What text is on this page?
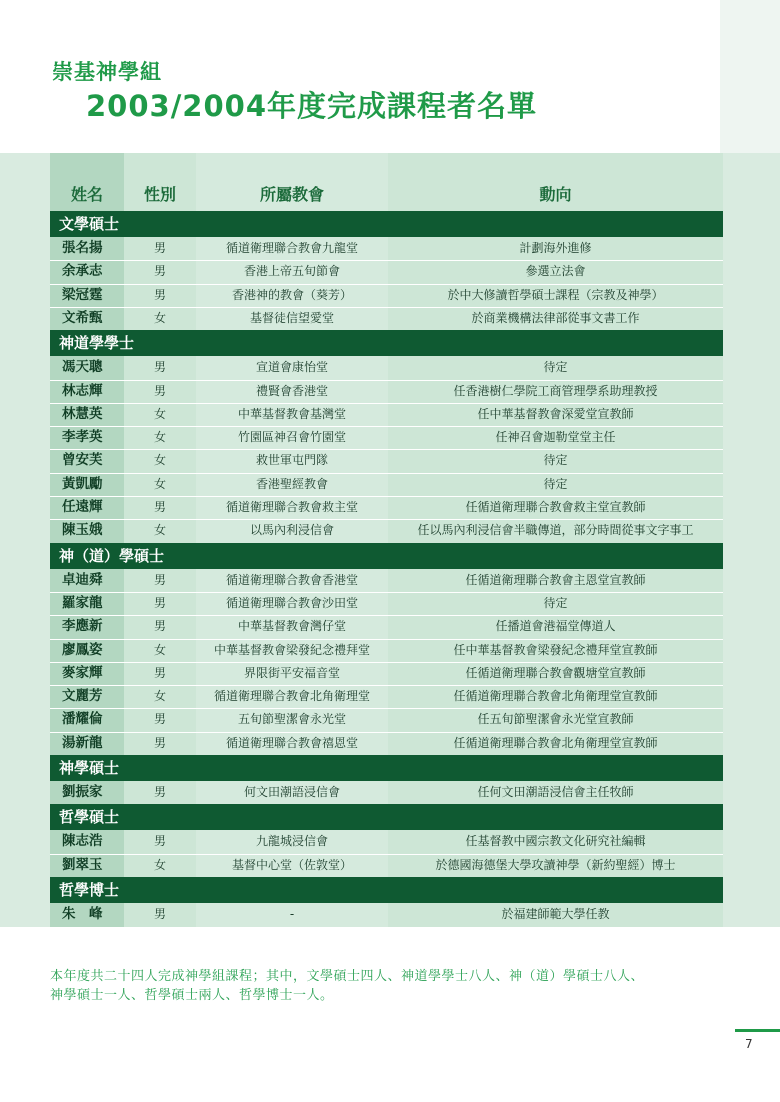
崇基神學組
2003/2004年度完成課程者名單
姓名	性別	所屬教會	動向
文學碩士
張名揚	男	循道衛理聯合教會九龍堂	計劃海外進修
余承志	男	香港上帝五旬節會	參選立法會
梁冠霆	男	香港神的教會（葵芳）	於中大修讀哲學碩士課程（宗教及神學）
文希甄	女	基督徒信望愛堂	於商業機構法律部從事文書工作
神道學學士
馮天聰	男	宣道會康怡堂	待定
林志輝	男	禮賢會香港堂	任香港樹仁學院工商管理學系助理教授
林慧英	女	中華基督教會基灣堂	任中華基督教會深愛堂宣教師
李孝英	女	竹園區神召會竹園堂	任神召會迦勒堂堂主任
曾安芙	女	救世軍屯門隊	待定
黃凱勵	女	香港聖經教會	待定
任遠輝	男	循道衛理聯合教會救主堂	任循道衛理聯合教會救主堂宣教師
陳玉娥	女	以馬內利浸信會	任以馬內利浸信會半職傳道，部分時間從事文字事工
神（道）學碩士
卓迪舜	男	循道衛理聯合教會香港堂	任循道衛理聯合教會主恩堂宣教師
羅家龍	男	循道衛理聯合教會沙田堂	待定
李應新	男	中華基督教會灣仔堂	任播道會港福堂傳道人
廖鳳姿	女	中華基督教會梁發紀念禮拜堂	任中華基督教會梁發紀念禮拜堂宣教師
麥家輝	男	界限街平安福音堂	任循道衛理聯合教會觀塘堂宣教師
文麗芳	女	循道衛理聯合教會北角衛理堂	任循道衛理聯合教會北角衛理堂宣教師
潘耀倫	男	五旬節聖潔會永光堂	任五旬節聖潔會永光堂宣教師
湯新龍	男	循道衛理聯合教會禧恩堂	任循道衛理聯合教會北角衛理堂宣教師
神學碩士
劉振家	男	何文田潮語浸信會	任何文田潮語浸信會主任牧師
哲學碩士
陳志浩	男	九龍城浸信會	任基督教中國宗教文化研究社編輯
劉翠玉	女	基督中心堂（佐敦堂）	於德國海德堡大學攻讀神學（新約聖經）博士
哲學博士
朱　峰	男	-	於福建師範大學任教
本年度共二十四人完成神學組課程；其中，文學碩士四人、神道學學士八人、神（道）學碩士八人、
神學碩士一人、哲學碩士兩人、哲學博士一人。
7
